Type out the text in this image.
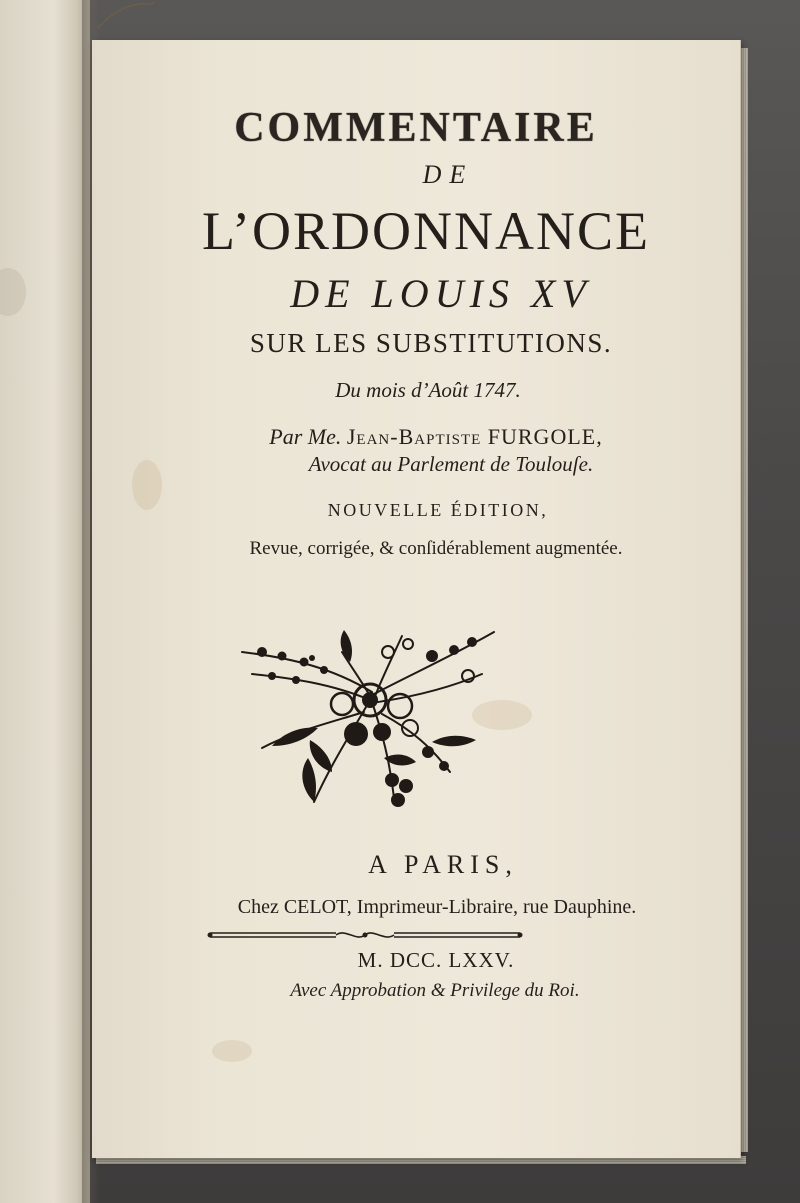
COMMENTAIRE
DE
L’ORDONNANCE
DE LOUIS XV
SUR LES SUBSTITUTIONS.
Du mois d’Août 1747.
Par Me. Jean-Baptiste FURGOLE,
Avocat au Parlement de Toulouſe.
NOUVELLE ÉDITION,
Revue, corrigée, & conſidérablement augmentée.
A PARIS,
Chez CELOT, Imprimeur-Libraire, rue Dauphine.
M. DCC. LXXV.
Avec Approbation & Privilege du Roi.
